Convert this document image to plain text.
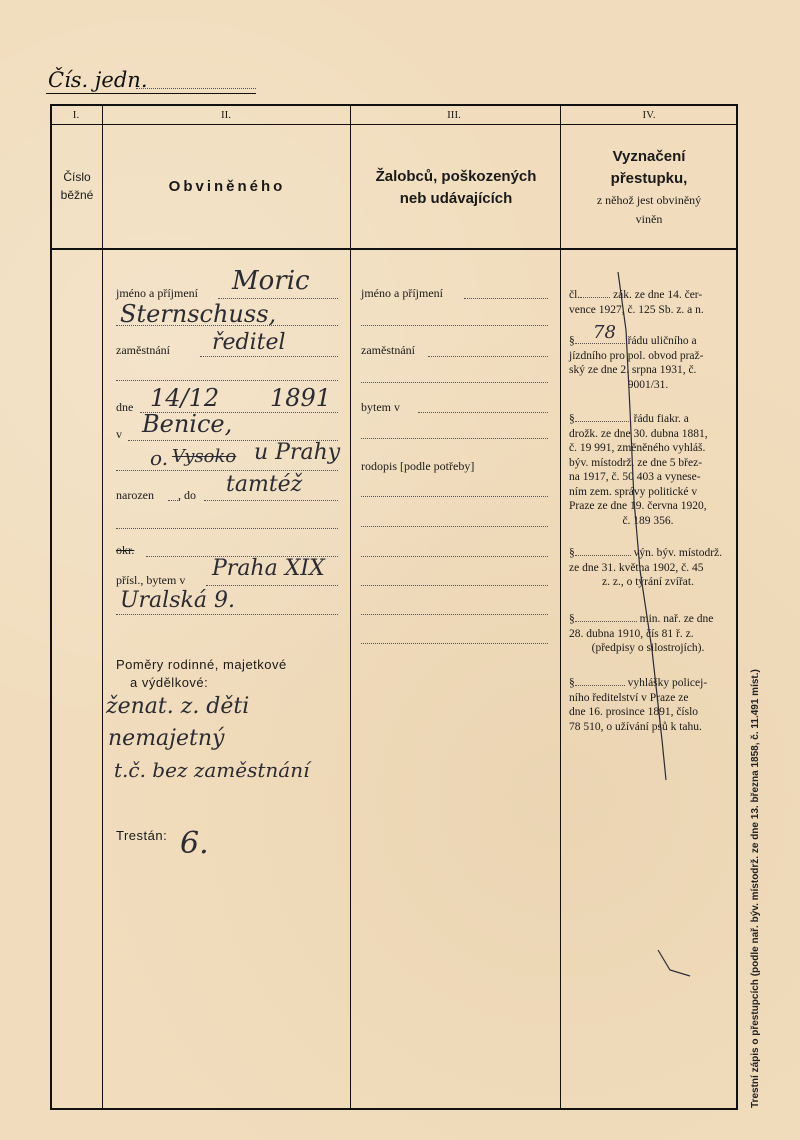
Čís. jedn.
I.	II.	III.	IV.
Číslo
běžné	Obviněného
Žalobců, poškozených
neb udávajících
Vyznačení
přestupku,
z něhož jest obviněný
viněn
jméno a příjmení Moric
Sternschuss,
zaměstnání ředitel
dne 14/12 1891
v Benice,
o. Vysoko u Prahy
narozen , do tamtéž
okr.
přísl., bytem v Praha XIX
Uralská 9.
Poměry rodinné, majetkové
a výdělkové:
ženat. z. děti
nemajetný
t.č. bez zaměstnání
Trestán: 6.
jméno a příjmení
zaměstnání
bytem v
rodopis [podle potřeby]
čl.	zák. ze dne 14. čer-
vence 1927, č. 125 Sb. z. a n.
§	řádu uličního a
78
jízdního pro pol. obvod praž-
ský ze dne 2. srpna 1931, č.
9001/31.
§	řádu fiakr. a
drožk. ze dne 30. dubna 1881,
č. 19 991, změněného vyhláš.
býv. místodrž. ze dne 5 břez-
na 1917, č. 50 403 a vynese-
ním zem. správy politické v
Praze ze dne 19. června 1920,
č. 189 356.
§	výn. býv. místodrž.
ze dne 31. května 1902, č. 45
z. z., o týrání zvířat.
§	min. nař. ze dne
28. dubna 1910, čís 81 ř. z.
(předpisy o silostrojích).
§	vyhlášky policej-
ního ředitelství v Praze ze
dne 16. prosince 1891, číslo
78 510, o užívání psů k tahu.	Trestní zápis o přestupcích (podle nař. býv. místodrž. ze dne 13. března 1858, č. 11.491 míst.)
